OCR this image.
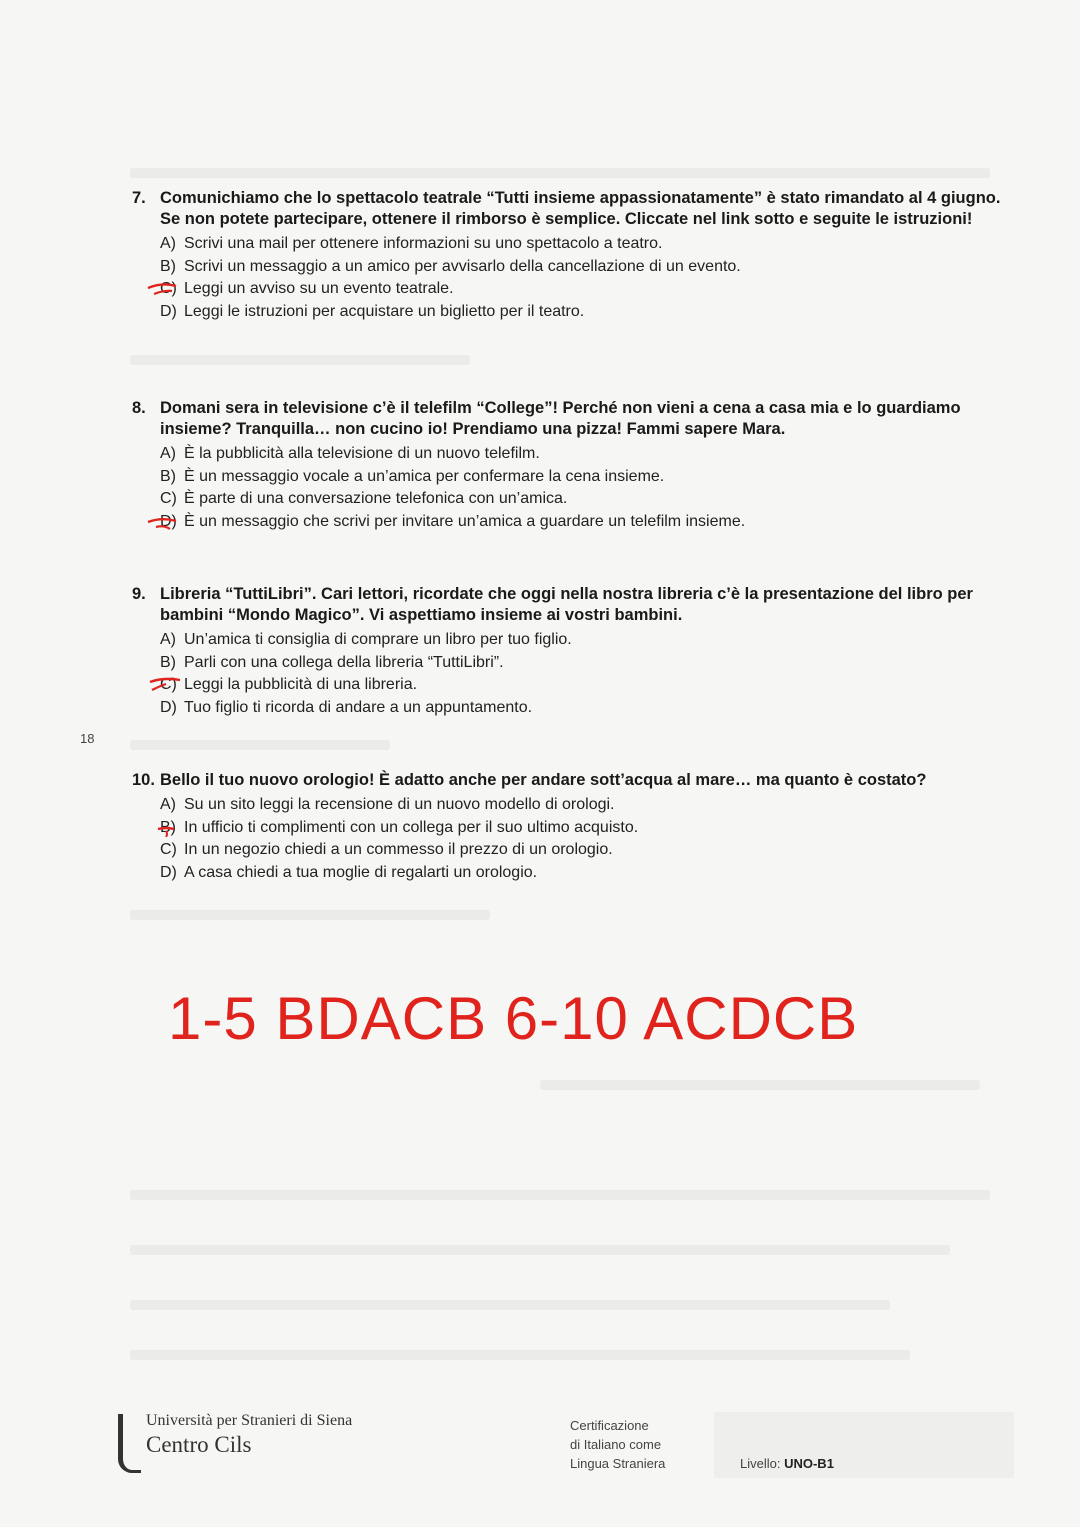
7. Comunichiamo che lo spettacolo teatrale “Tutti insieme appassionatamente” è stato rimandato al 4 giugno. Se non potete partecipare, ottenere il rimborso è semplice. Cliccate nel link sotto e seguite le istruzioni!
A) Scrivi una mail per ottenere informazioni su uno spettacolo a teatro.
B) Scrivi un messaggio a un amico per avvisarlo della cancellazione di un evento.
C) Leggi un avviso su un evento teatrale.
D) Leggi le istruzioni per acquistare un biglietto per il teatro.
8. Domani sera in televisione c’è il telefilm “College”! Perché non vieni a cena a casa mia e lo guardiamo insieme? Tranquilla… non cucino io! Prendiamo una pizza! Fammi sapere Mara.
A) È la pubblicità alla televisione di un nuovo telefilm.
B) È un messaggio vocale a un’amica per confermare la cena insieme.
C) È parte di una conversazione telefonica con un’amica.
D) È un messaggio che scrivi per invitare un’amica a guardare un telefilm insieme.
9. Libreria “TuttiLibri”. Cari lettori, ricordate che oggi nella nostra libreria c’è la presentazione del libro per bambini “Mondo Magico”. Vi aspettiamo insieme ai vostri bambini.
A) Un’amica ti consiglia di comprare un libro per tuo figlio.
B) Parli con una collega della libreria “TuttiLibri”.
C) Leggi la pubblicità di una libreria.
D) Tuo figlio ti ricorda di andare a un appuntamento.
18
10. Bello il tuo nuovo orologio! È adatto anche per andare sott’acqua al mare… ma quanto è costato?
A) Su un sito leggi la recensione di un nuovo modello di orologi.
B) In ufficio ti complimenti con un collega per il suo ultimo acquisto.
C) In un negozio chiedi a un commesso il prezzo di un orologio.
D) A casa chiedi a tua moglie di regalarti un orologio.
1-5 BDACB 6-10 ACDCB
Università per Stranieri di Siena
Centro Cils
Certificazione
di Italiano come
Lingua Straniera	Livello: UNO-B1
